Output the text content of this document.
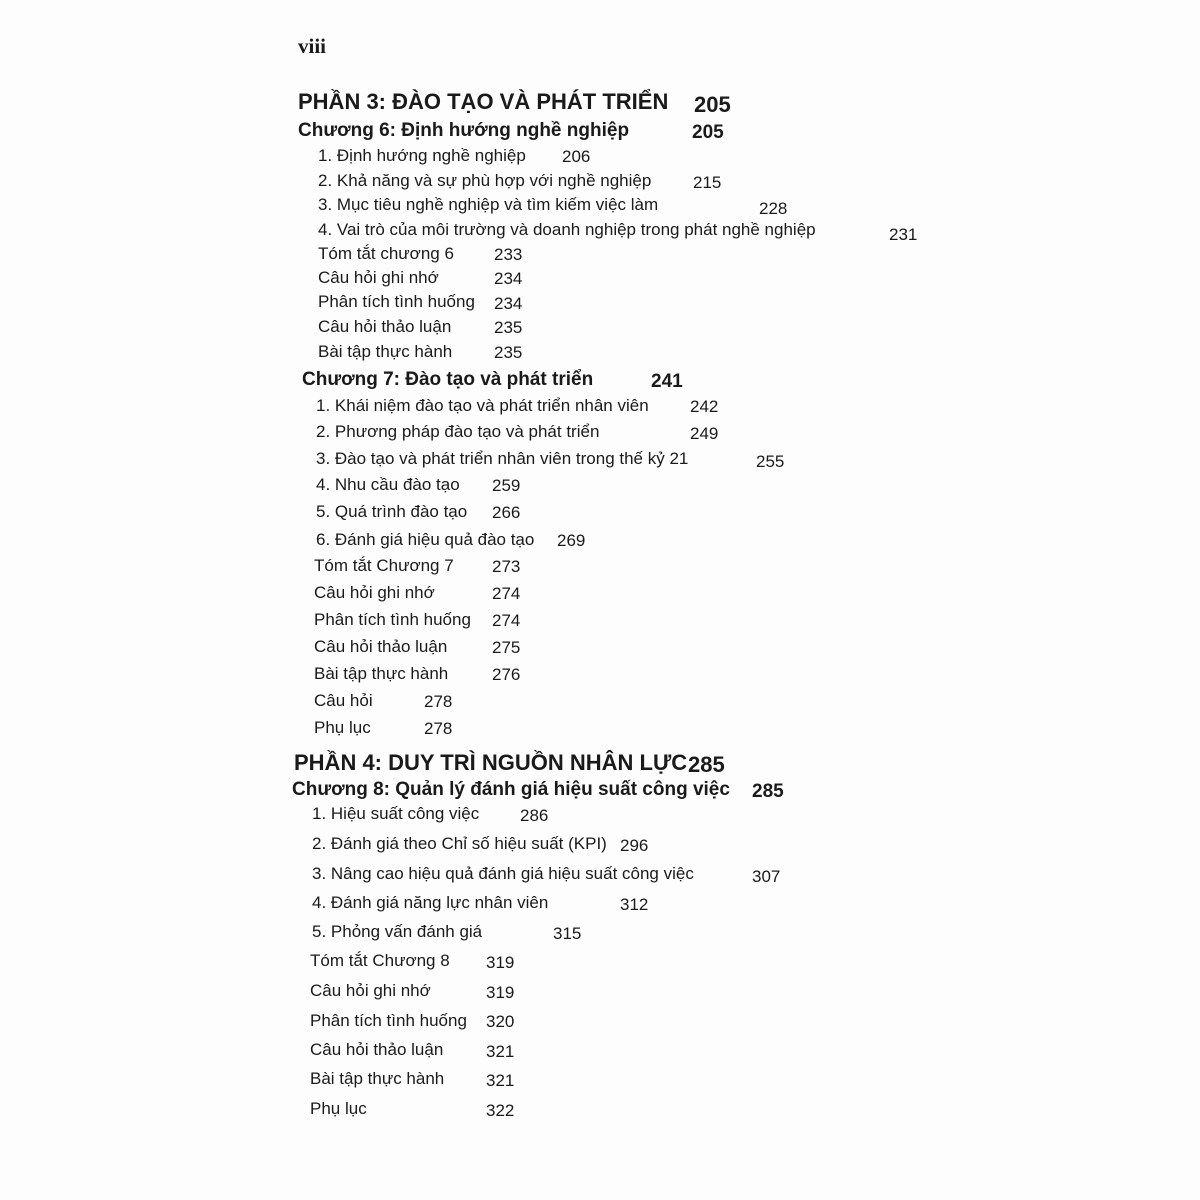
viii
PHẦN 3: ĐÀO TẠO VÀ PHÁT TRIỂN 205
Chương 6: Định hướng nghề nghiệp	205
1. Định hướng nghề nghiệp 206
2. Khả năng và sự phù hợp với nghề nghiệp 215
3. Mục tiêu nghề nghiệp và tìm kiếm việc làm	228
4. Vai trò của môi trường và doanh nghiệp trong phát nghề nghiệp	231
Tóm tắt chương 6 233
Câu hỏi ghi nhớ	234
Phân tích tình huống 234
Câu hỏi thảo luận	235
Bài tập thực hành 235
Chương 7: Đào tạo và phát triển	241
1. Khái niệm đào tạo và phát triển nhân viên 242
2. Phương pháp đào tạo và phát triển	249
3. Đào tạo và phát triển nhân viên trong thế kỷ 21	255
4. Nhu cầu đào tạo 259
5. Quá trình đào tạo 266
6. Đánh giá hiệu quả đào tạo 269
Tóm tắt Chương 7 273
Câu hỏi ghi nhớ	274
Phân tích tình huống 274
Câu hỏi thảo luận	275
Bài tập thực hành	276
Câu hỏi	278
Phụ lục	278
PHẦN 4: DUY TRÌ NGUỒN NHÂN LỰC 285
Chương 8: Quản lý đánh giá hiệu suất công việc 285
1. Hiệu suất công việc 286
2. Đánh giá theo Chỉ số hiệu suất (KPI) 296
3. Nâng cao hiệu quả đánh giá hiệu suất công việc	307
4. Đánh giá năng lực nhân viên	312
5. Phỏng vấn đánh giá	315
Tóm tắt Chương 8 319
Câu hỏi ghi nhớ	319
Phân tích tình huống 320
Câu hỏi thảo luận	321
Bài tập thực hành 321
Phụ lục	322
